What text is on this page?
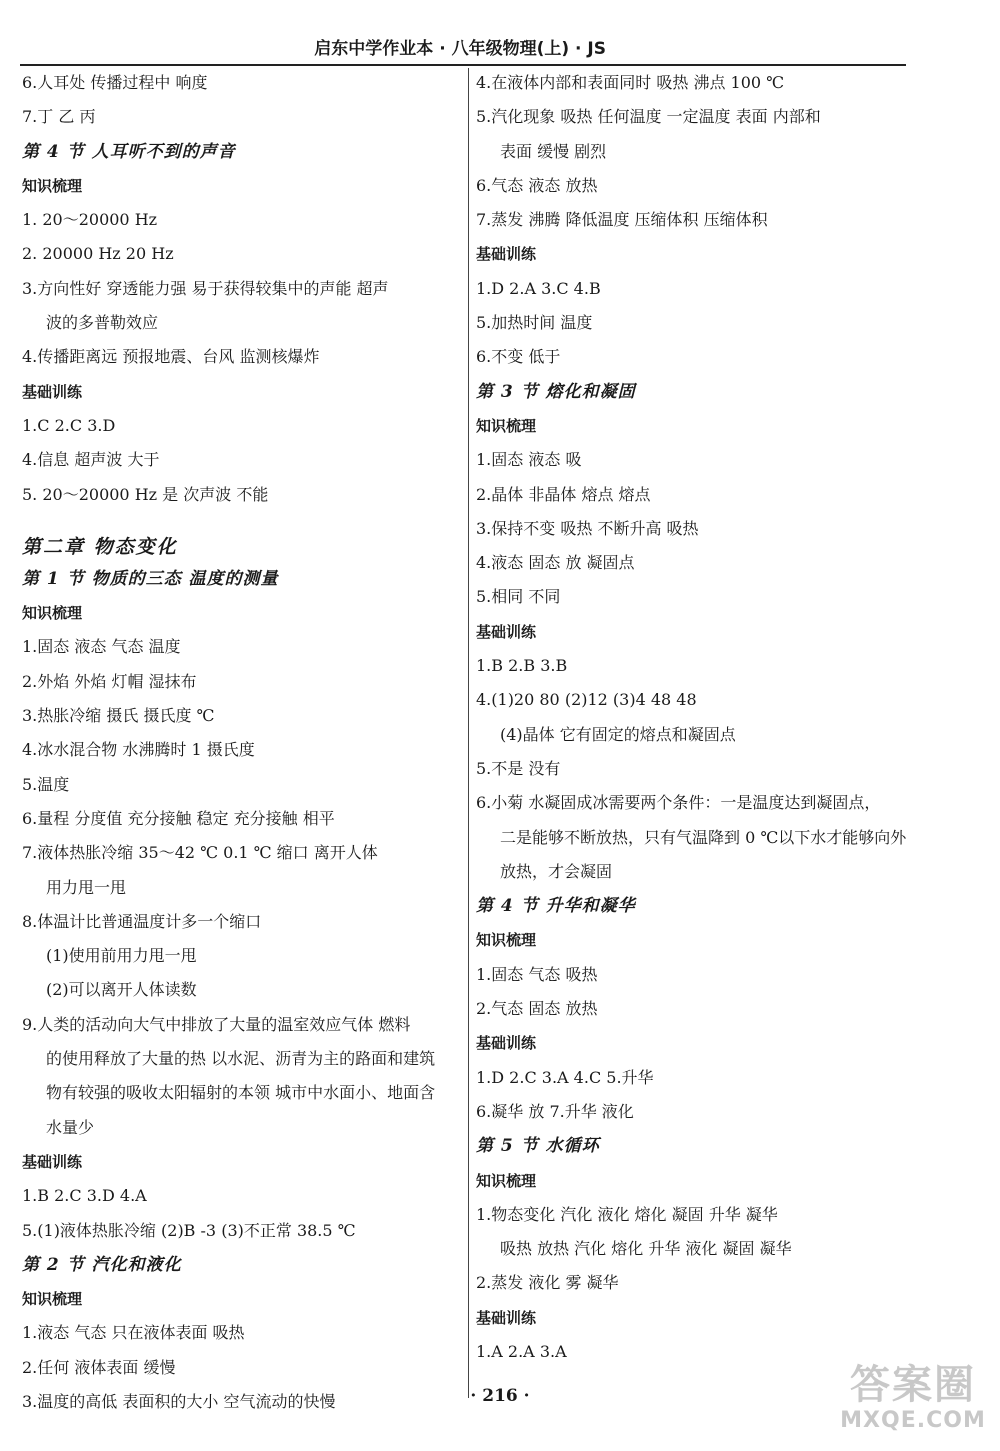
启东中学作业本 · 八年级物理(上) · JS
6.人耳处 传播过程中 响度
7.丁 乙 丙
第 4 节 人耳听不到的声音
知识梳理
1. 20～20000 Hz
2. 20000 Hz 20 Hz
3.方向性好 穿透能力强 易于获得较集中的声能 超声
波的多普勒效应
4.传播距离远 预报地震、台风 监测核爆炸
基础训练
1.C 2.C 3.D
4.信息 超声波 大于
5. 20～20000 Hz 是 次声波 不能
第二章 物态变化
第 1 节 物质的三态 温度的测量
知识梳理
1.固态 液态 气态 温度
2.外焰 外焰 灯帽 湿抹布
3.热胀冷缩 摄氏 摄氏度 ℃
4.冰水混合物 水沸腾时 1 摄氏度
5.温度
6.量程 分度值 充分接触 稳定 充分接触 相平
7.液体热胀冷缩 35～42 ℃ 0.1 ℃ 缩口 离开人体
用力甩一甩
8.体温计比普通温度计多一个缩口
(1)使用前用力甩一甩
(2)可以离开人体读数
9.人类的活动向大气中排放了大量的温室效应气体 燃料
的使用释放了大量的热 以水泥、沥青为主的路面和建筑
物有较强的吸收太阳辐射的本领 城市中水面小、地面含
水量少
基础训练
1.B 2.C 3.D 4.A
5.(1)液体热胀冷缩 (2)B -3 (3)不正常 38.5 ℃
第 2 节 汽化和液化
知识梳理
1.液态 气态 只在液体表面 吸热
2.任何 液体表面 缓慢
3.温度的高低 表面积的大小 空气流动的快慢
4.在液体内部和表面同时 吸热 沸点 100 ℃
5.汽化现象 吸热 任何温度 一定温度 表面 内部和
表面 缓慢 剧烈
6.气态 液态 放热
7.蒸发 沸腾 降低温度 压缩体积 压缩体积
基础训练
1.D 2.A 3.C 4.B
5.加热时间 温度
6.不变 低于
第 3 节 熔化和凝固
知识梳理
1.固态 液态 吸
2.晶体 非晶体 熔点 熔点
3.保持不变 吸热 不断升高 吸热
4.液态 固态 放 凝固点
5.相同 不同
基础训练
1.B 2.B 3.B
4.(1)20 80 (2)12 (3)4 48 48
(4)晶体 它有固定的熔点和凝固点
5.不是 没有
6.小菊 水凝固成冰需要两个条件：一是温度达到凝固点，
二是能够不断放热，只有气温降到 0 ℃以下水才能够向外
放热，才会凝固
第 4 节 升华和凝华
知识梳理
1.固态 气态 吸热
2.气态 固态 放热
基础训练
1.D 2.C 3.A 4.C 5.升华
6.凝华 放 7.升华 液化
第 5 节 水循环
知识梳理
1.物态变化 汽化 液化 熔化 凝固 升华 凝华
吸热 放热 汽化 熔化 升华 液化 凝固 凝华
2.蒸发 液化 雾 凝华
基础训练
1.A 2.A 3.A
· 216 ·	答案圈
MXQE.COM
